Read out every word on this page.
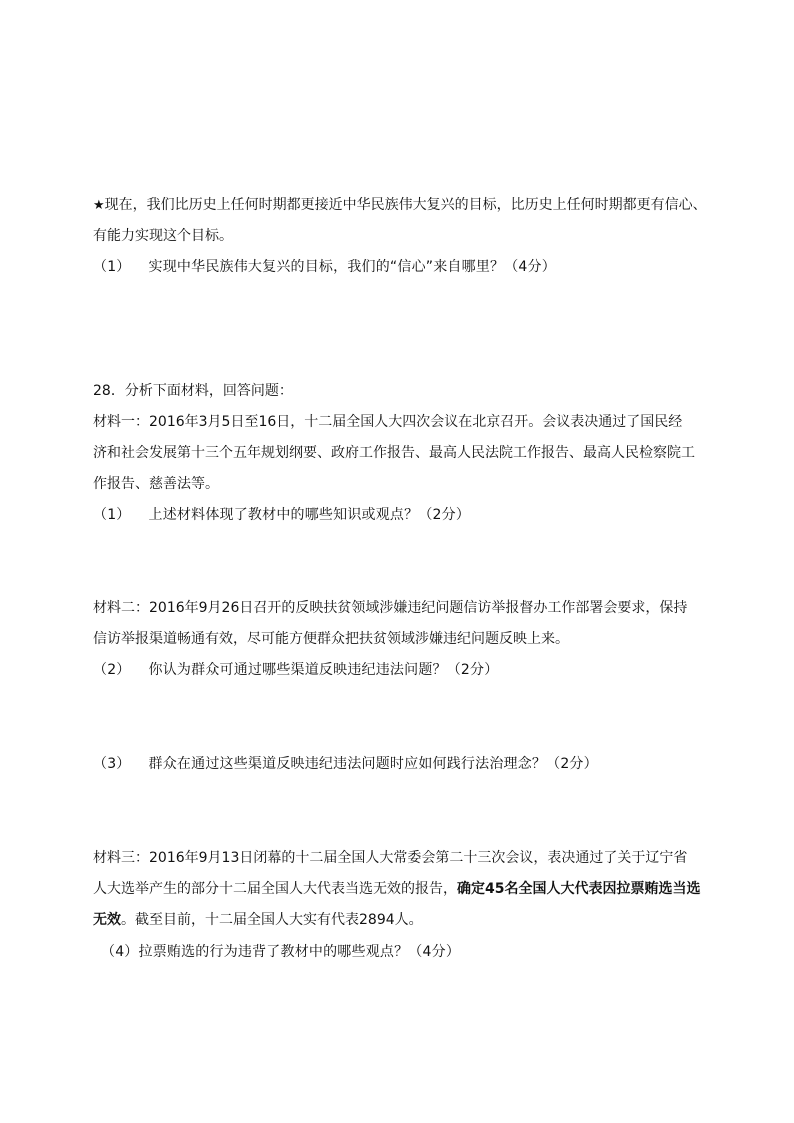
★现在，我们比历史上任何时期都更接近中华民族伟大复兴的目标，比历史上任何时期都更有信心、
有能力实现这个目标。
（1） 实现中华民族伟大复兴的目标，我们的“信心”来自哪里？（4分）
28．分析下面材料，回答问题：
材料一：2016年3月5日至16日，十二届全国人大四次会议在北京召开。会议表决通过了国民经
济和社会发展第十三个五年规划纲要、政府工作报告、最高人民法院工作报告、最高人民检察院工
作报告、慈善法等。
（1） 上述材料体现了教材中的哪些知识或观点？（2分）
材料二：2016年9月26日召开的反映扶贫领域涉嫌违纪问题信访举报督办工作部署会要求，保持
信访举报渠道畅通有效，尽可能方便群众把扶贫领域涉嫌违纪问题反映上来。
（2） 你认为群众可通过哪些渠道反映违纪违法问题？（2分）
（3） 群众在通过这些渠道反映违纪违法问题时应如何践行法治理念？（2分）
材料三：2016年9月13日闭幕的十二届全国人大常委会第二十三次会议，表决通过了关于辽宁省
人大选举产生的部分十二届全国人大代表当选无效的报告，确定45名全国人大代表因拉票贿选当选
无效。截至目前，十二届全国人大实有代表2894人。
（4）拉票贿选的行为违背了教材中的哪些观点？（4分）
